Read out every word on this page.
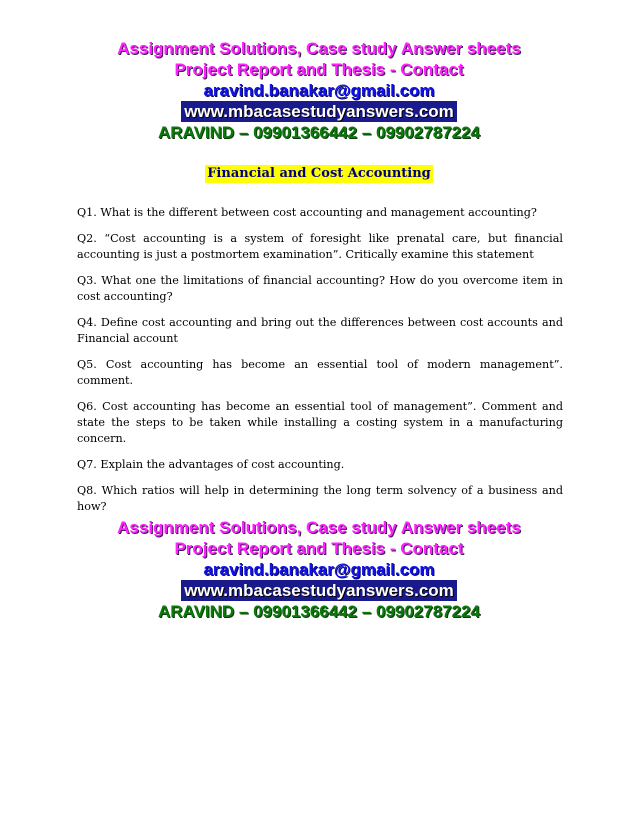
Assignment Solutions, Case study Answer sheets
Project Report and Thesis - Contact
aravind.banakar@gmail.com
www.mbacasestudyanswers.com
ARAVIND – 09901366442 – 09902787224
Financial and Cost Accounting

Q1. What is the different between cost accounting and management accounting?

Q2. “Cost accounting is a system of foresight like prenatal care, but financial accounting is just a postmortem examination”. Critically examine this statement

Q3. What one the limitations of financial accounting? How do you overcome item in cost accounting?

Q4. Define cost accounting and bring out the differences between cost accounts and Financial account

Q5. Cost accounting has become an essential tool of modern management”. comment.

Q6. Cost accounting has become an essential tool of management”. Comment and state the steps to be taken while installing a costing system in a manufacturing concern.

Q7. Explain the advantages of cost accounting.

Q8. Which ratios will help in determining the long term solvency of a business and how?

Assignment Solutions, Case study Answer sheets
Project Report and Thesis - Contact
aravind.banakar@gmail.com
www.mbacasestudyanswers.com
ARAVIND – 09901366442 – 09902787224
